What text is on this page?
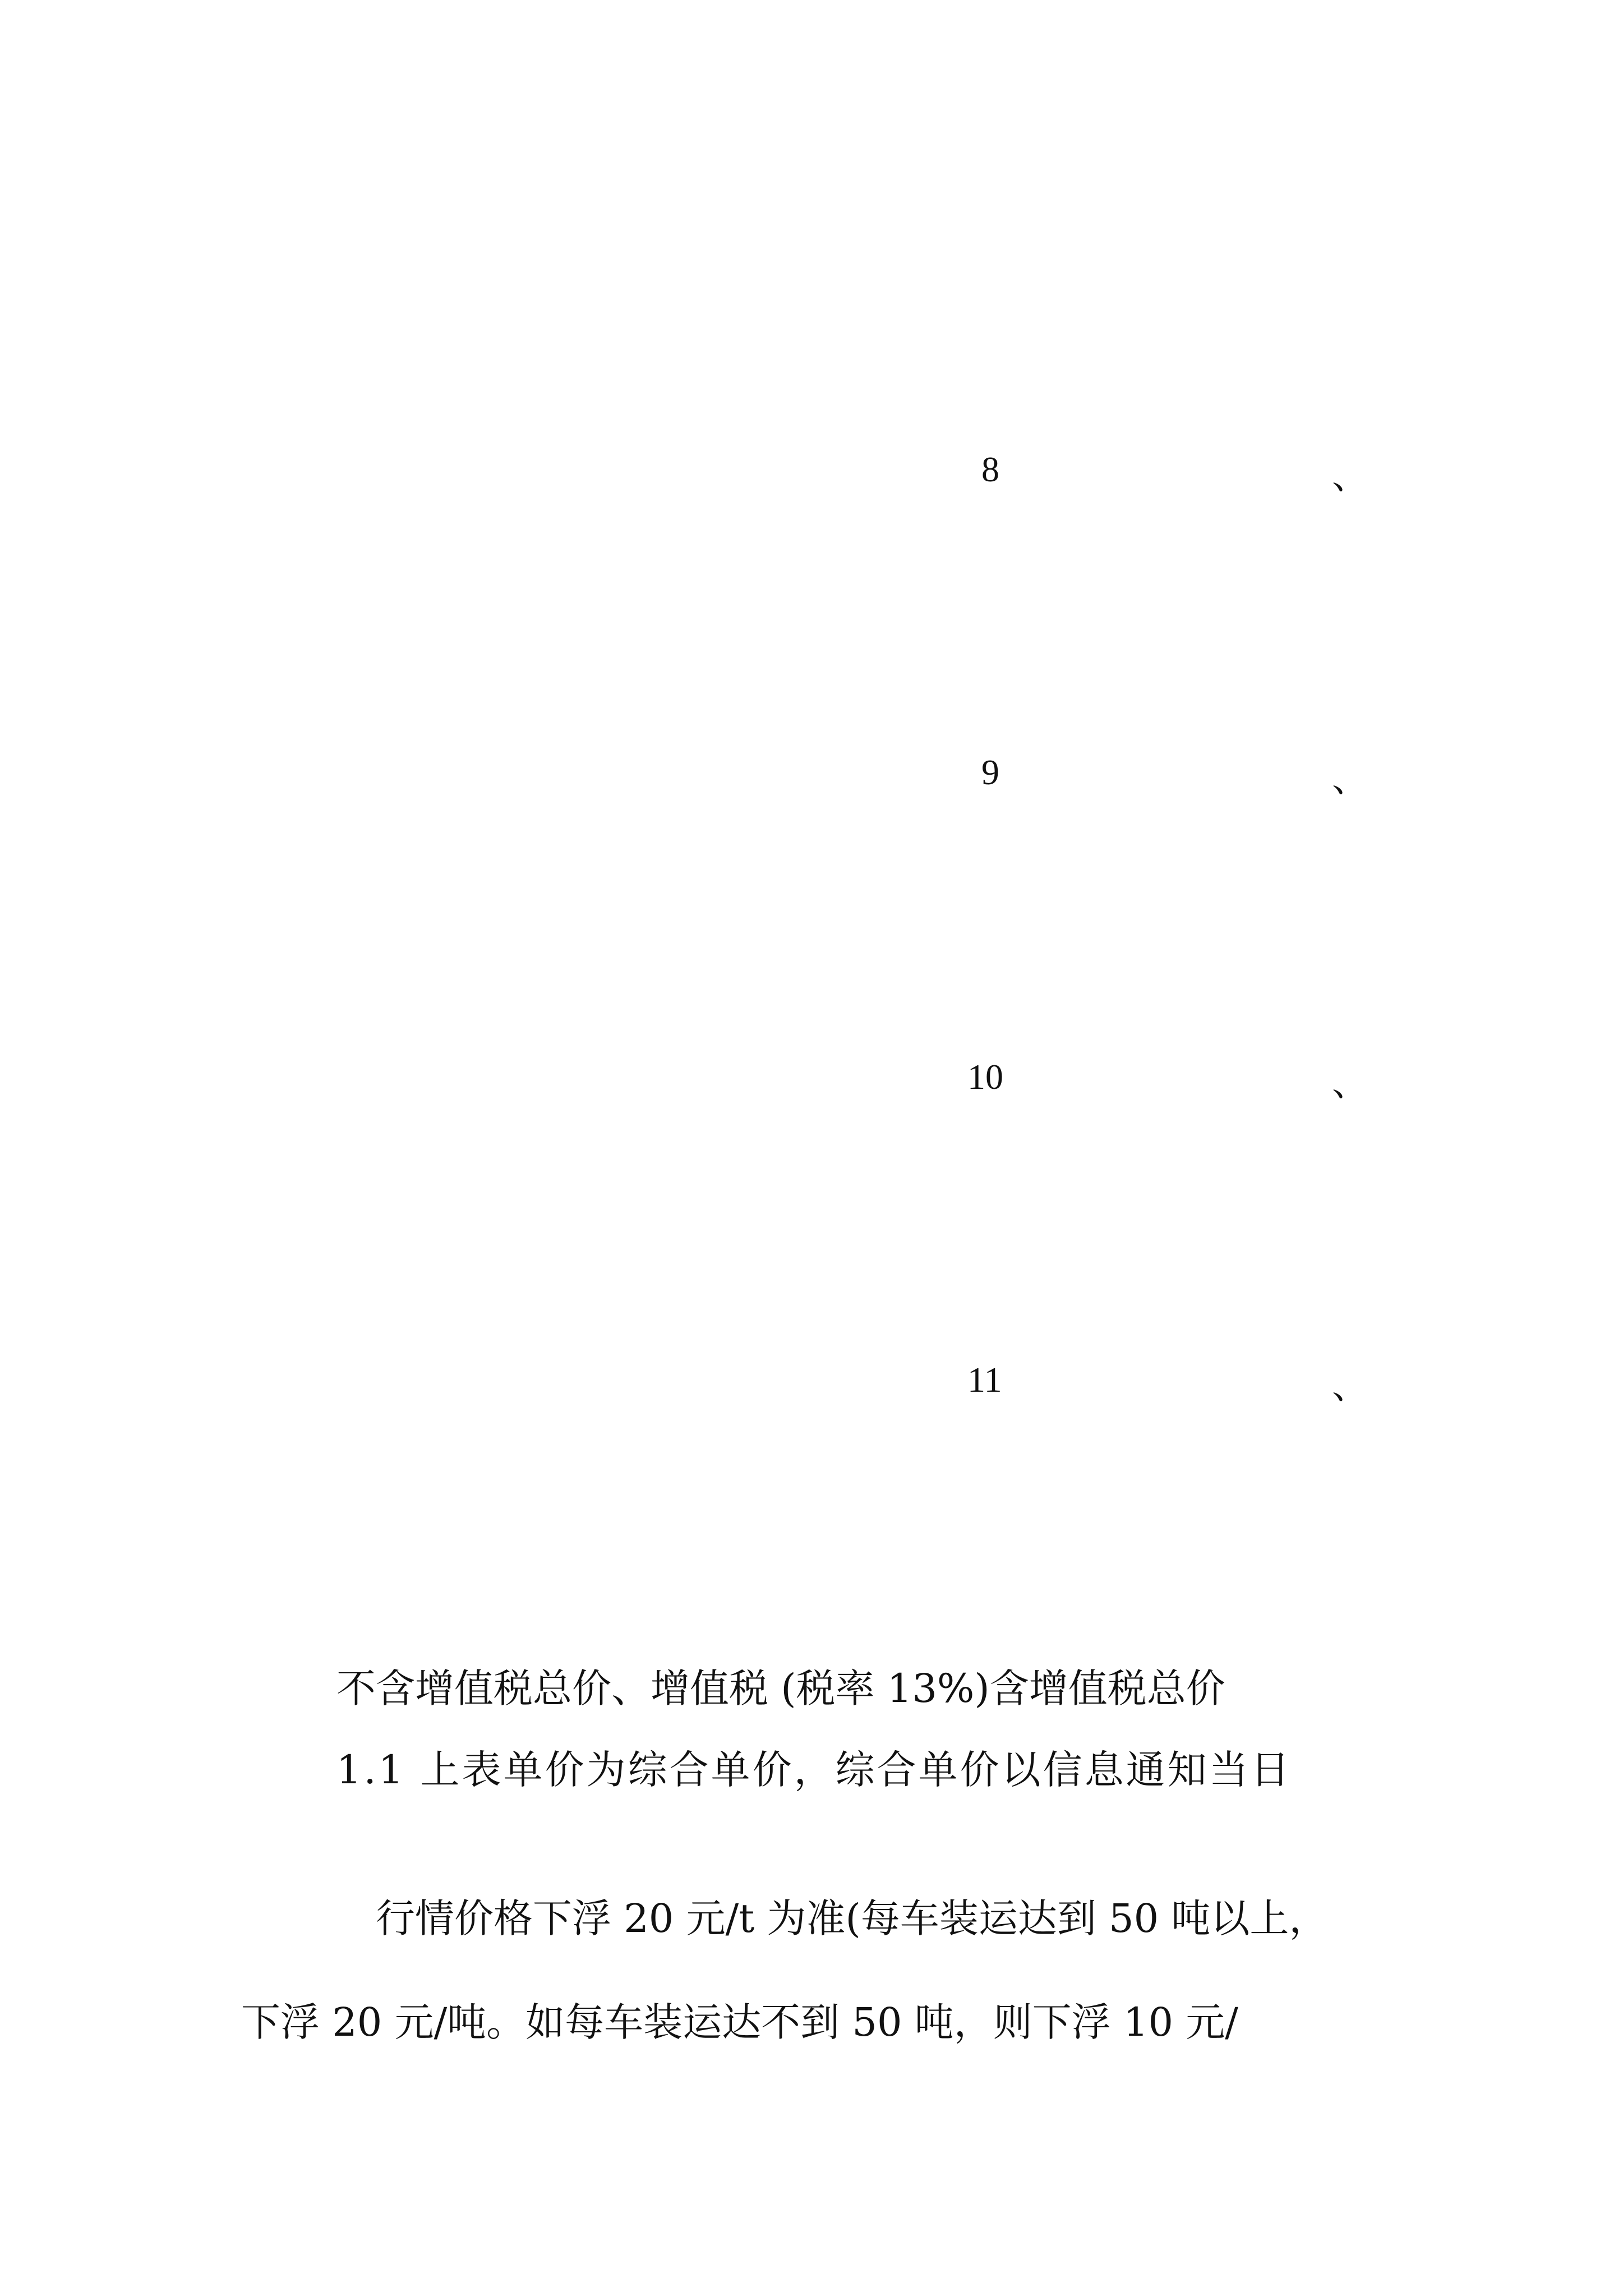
8	、
9	、
10	、
11	、
不含增值税总价、增值税 (税率 13%)含增值税总价
1.1 上表单价为综合单价，综合单价以信息通知当日
行情价格下浮 20 元/t 为准(每车装运达到 50 吨以上，
下浮 20 元/吨。如每车装运达不到 50 吨，则下浮 10 元/
